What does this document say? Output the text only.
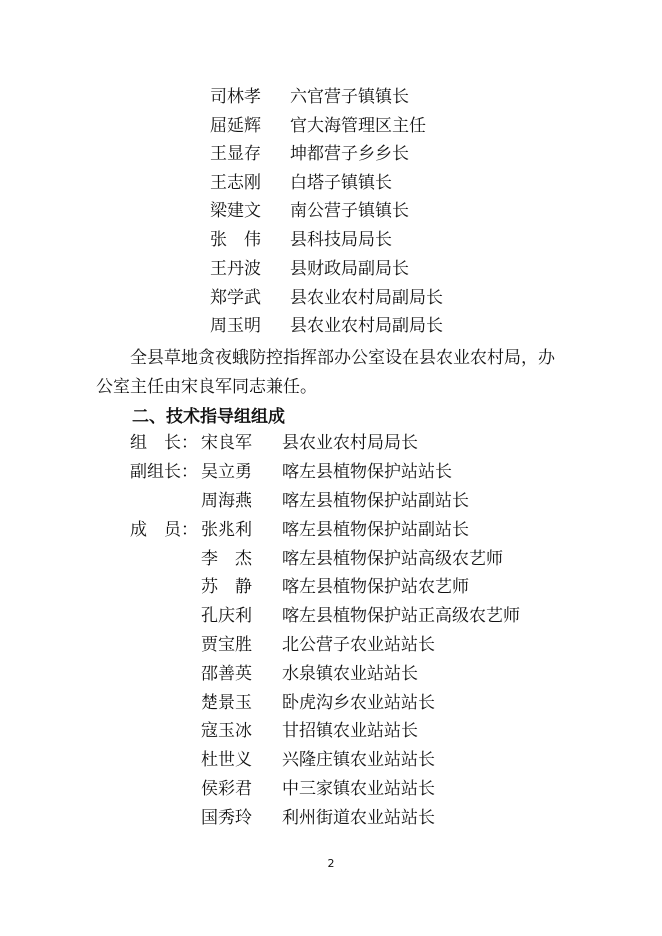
司林孝	六官营子镇镇长
屈延辉	官大海管理区主任
王显存	坤都营子乡乡长
王志刚	白塔子镇镇长
梁建文	南公营子镇镇长
张　伟	县科技局局长
王丹波	县财政局副局长
郑学武	县农业农村局副局长
周玉明	县农业农村局副局长
全县草地贪夜蛾防控指挥部办公室设在县农业农村局，办
公室主任由宋良军同志兼任。
二、技术指导组组成
组　长： 宋良军	县农业农村局局长
副组长： 吴立勇	喀左县植物保护站站长
周海燕	喀左县植物保护站副站长
成　员： 张兆利	喀左县植物保护站副站长
李　杰	喀左县植物保护站高级农艺师
苏　静	喀左县植物保护站农艺师
孔庆利	喀左县植物保护站正高级农艺师
贾宝胜	北公营子农业站站长
邵善英	水泉镇农业站站长
楚景玉	卧虎沟乡农业站站长
寇玉冰	甘招镇农业站站长
杜世义	兴隆庄镇农业站站长
侯彩君	中三家镇农业站站长
国秀玲	利州街道农业站站长
2
